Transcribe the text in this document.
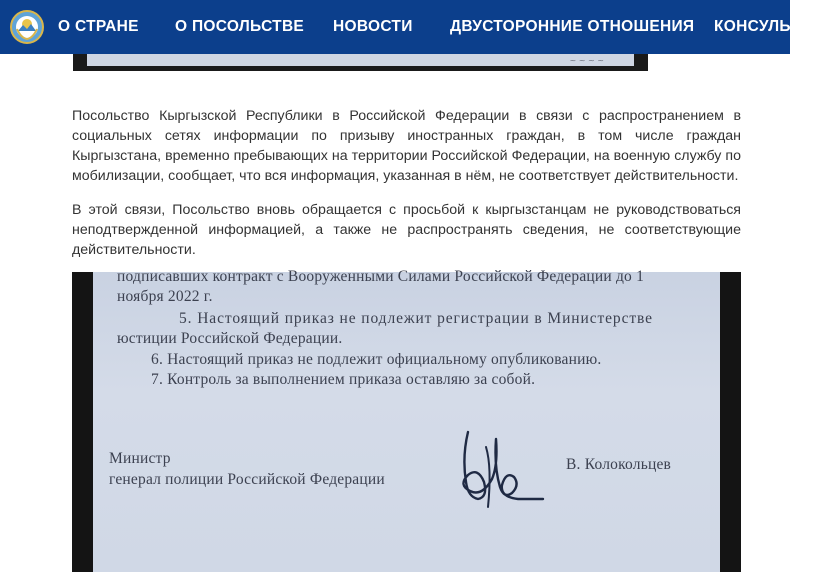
О СТРАНЕ О ПОСОЛЬСТВЕ НОВОСТИ ДВУСТОРОННИЕ ОТНОШЕНИЯ КОНСУЛЬСТВО
~ ~ ~ ~

Посольство Кыргызской Республики в Российской Федерации в связи с распространением в социальных сетях информации по призыву иностранных граждан, в том числе граждан Кыргызстана, временно пребывающих на территории Российской Федерации, на военную службу по мобилизации, сообщает, что вся информация, указанная в нём, не соответствует действительности.

В этой связи, Посольство вновь обращается с просьбой к кыргызстанцам не руководствоваться неподтвержденной информацией, а также не распространять сведения, не соответствующие действительности.

подписавших контракт с Вооруженными Силами Российской Федерации до 1
ноября 2022 г.
5. Настоящий приказ не подлежит регистрации в Министерстве
юстиции Российской Федерации.
6. Настоящий приказ не подлежит официальному опубликованию.
7. Контроль за выполнением приказа оставляю за собой.
Министр
генерал полиции Российской Федерации
В. Колокольцев
